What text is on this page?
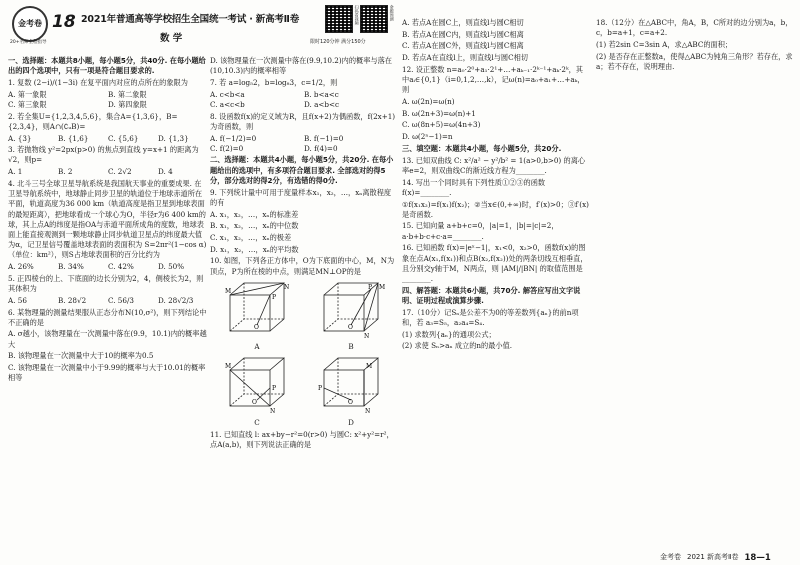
金考卷
20+名师全程指导
18 2021年普通高等学校招生全国统一考试 · 新高考Ⅱ卷
数 学
扫码看视频	命题预测
限时120分钟 满分150分
一、选择题：本题共8小题，每小题5分，共40分. 在每小题给出的四个选项中，只有一项是符合题目要求的.
1. 复数 (2−i)/(1−3i) 在复平面内对应的点所在的象限为
A. 第一象限	B. 第二象限
C. 第三象限	D. 第四象限
2. 若全集U={1,2,3,4,5,6}，集合A={1,3,6}，B={2,3,4}，则A∩(∁ᵤB)=
A. {3}	B. {1,6}	C. {5,6}	D. {1,3}
3. 若抛物线 y²=2px(p>0) 的焦点到直线 y=x+1 的距离为√2，则p=
A. 1	B. 2	C. 2√2	D. 4
4. 北斗三号全球卫星导航系统是我国航天事业的重要成果. 在卫星导航系统中，地球静止同步卫星的轨道位于地球赤道所在平面，轨道高度为36 000 km（轨道高度是指卫星到地球表面的最短距离），把地球看成一个球心为O，半径r为6 400 km的球，其上点A的纬度是指OA与赤道平面所成角的度数，地球表面上能直接观测到一颗地球静止同步轨道卫星点的纬度最大值为α，记卫星信号覆盖地球表面的表面积为 S=2πr²(1−cos α)（单位：km²），则S占地球表面积的百分比约为
A. 26%	B. 34%	C. 42%	D. 50%
5. 正四棱台的上、下底面的边长分别为2，4，侧棱长为2，则其体积为
A. 56	B. 28√2	C. 56/3	D. 28√2/3
6. 某物理量的测量结果服从正态分布N(10,σ²)，则下列结论中不正确的是
A. σ越小，该物理量在一次测量中落在(9.9，10.1)内的概率越大
B. 该物理量在一次测量中大于10的概率为0.5
C. 该物理量在一次测量中小于9.99的概率与大于10.01的概率相等
D. 该物理量在一次测量中落在(9.9,10.2)内的概率与落在(10,10.3)内的概率相等
7. 若 a=log₅2，b=log₈3，c=1/2，则
A. c<b<a	B. b<a<c
C. a<c<b	D. a<b<c
8. 设函数f(x)的定义域为R，且f(x+2)为偶函数，f(2x+1)为奇函数，则
A. f(−1/2)=0	B. f(−1)=0
C. f(2)=0	D. f(4)=0
二、选择题：本题共4小题，每小题5分，共20分. 在每小题给出的选项中，有多项符合题目要求. 全部选对的得5分，部分选对的得2分，有选错的得0分.
9. 下列统计量中可用于度量样本x₁，x₂，…，xₙ离散程度的有
A. x₁，x₂，…，xₙ的标准差
B. x₁，x₂，…，xₙ的中位数
C. x₁，x₂，…，xₙ的极差
D. x₁，x₂，…，xₙ的平均数
10. 如图，下列各正方体中，O为下底面的中心，M，N为顶点，P为所在棱的中点，则满足MN⊥OP的是
M
N
P
O
A
P M
N
O
B
M
P
N
O
C
M
P
N
O
D
11. 已知直线 l: ax+by−r²=0(r>0) 与圆C: x²+y²=r²，点A(a,b)，则下列说法正确的是
A. 若点A在圆C上，则直线l与圆C相切
B. 若点A在圆C内，则直线l与圆C相离
C. 若点A在圆C外，则直线l与圆C相离
D. 若点A在直线l上，则直线l与圆C相切
12. 设正整数 n=a₀·2⁰+a₁·2¹+…+aₖ₋₁·2ᵏ⁻¹+aₖ·2ᵏ，其中aᵢ∈{0,1}（i=0,1,2,…,k），记ω(n)=a₀+a₁+…+aₖ，则
A. ω(2n)=ω(n)
B. ω(2n+3)=ω(n)+1
C. ω(8n+5)=ω(4n+3)
D. ω(2ⁿ−1)=n
三、填空题：本题共4小题，每小题5分，共20分.
13. 已知双曲线 C: x²/a² − y²/b² = 1(a>0,b>0) 的离心率e=2，则双曲线C的渐近线方程为________.
14. 写出一个同时具有下列性质①②③的函数 f(x)=________.
①f(x₁x₂)=f(x₁)f(x₂)；②当x∈(0,+∞)时，f′(x)>0；③f′(x)是奇函数.
15. 已知向量 a+b+c=0，|a|=1，|b|=|c|=2，a·b+b·c+c·a=________.
16. 已知函数 f(x)=|eˣ−1|，x₁<0，x₂>0，函数f(x)的图象在点A(x₁,f(x₁))和点B(x₂,f(x₂))处的两条切线互相垂直，且分别交y轴于M，N两点，则 |AM|/|BN| 的取值范围是________.
四、解答题：本题共6小题，共70分. 解答应写出文字说明、证明过程或演算步骤.
17.（10分）记Sₙ是公差不为0的等差数列{aₙ}的前n项和，若 a₃=S₅，a₂a₄=S₄.
(1) 求数列{aₙ}的通项公式；
(2) 求使 Sₙ>aₙ 成立的n的最小值.
18.（12分）在△ABC中，角A，B，C所对的边分别为a，b，c，b=a+1，c=a+2.
(1) 若2sin C=3sin A，求△ABC的面积；
(2) 是否存在正整数a，使得△ABC为钝角三角形？若存在，求a；若不存在，说明理由.
金考卷 2021 新高考Ⅱ卷 18—1
